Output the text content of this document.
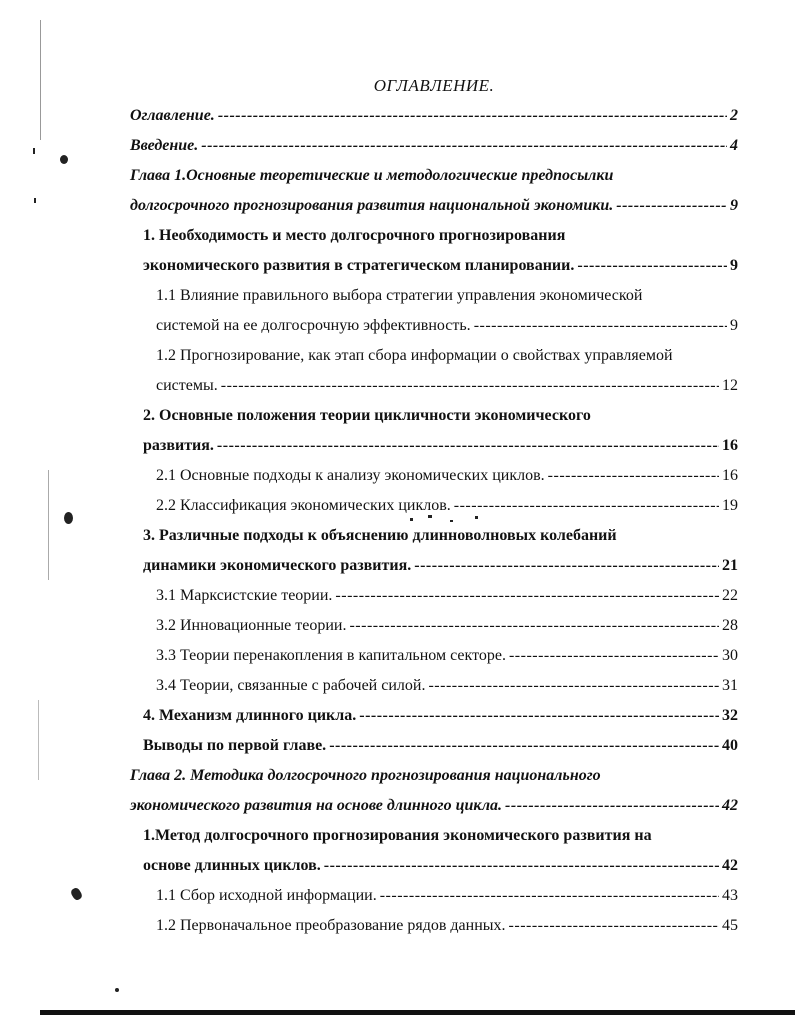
ОГЛАВЛЕНИЕ.
Оглавление. -----	2
Введение. -----	4
Глава 1.Основные теоретические и методологические предпосылки
долгосрочного прогнозирования развития национальной экономики. -----	9
1. Необходимость и место долгосрочного прогнозирования
экономического развития в стратегическом планировании. -----	9
1.1 Влияние правильного выбора стратегии управления экономической
системой на ее долгосрочную эффективность. -----	9
1.2 Прогнозирование, как этап сбора информации о свойствах управляемой
системы. -----	12
2. Основные положения теории цикличности экономического
развития. -----	16
2.1 Основные подходы к анализу экономических циклов. -----	16
2.2 Классификация экономических циклов. -----	19
3. Различные подходы к объяснению длинноволновых колебаний
динамики экономического развития. -----	21
3.1 Марксистские теории. -----	22
3.2 Инновационные теории. -----	28
3.3 Теории перенакопления в капитальном секторе. -----	30
3.4 Теории, связанные с рабочей силой. -----	31
4. Механизм длинного цикла. -----	32
Выводы по первой главе. -----	40
Глава 2. Методика долгосрочного прогнозирования национального
экономического развития на основе длинного цикла. -----	42
1.Метод долгосрочного прогнозирования экономического развития на
основе длинных циклов. -----	42
1.1 Сбор исходной информации. -----	43
1.2 Первоначальное преобразование рядов данных. -----	45
